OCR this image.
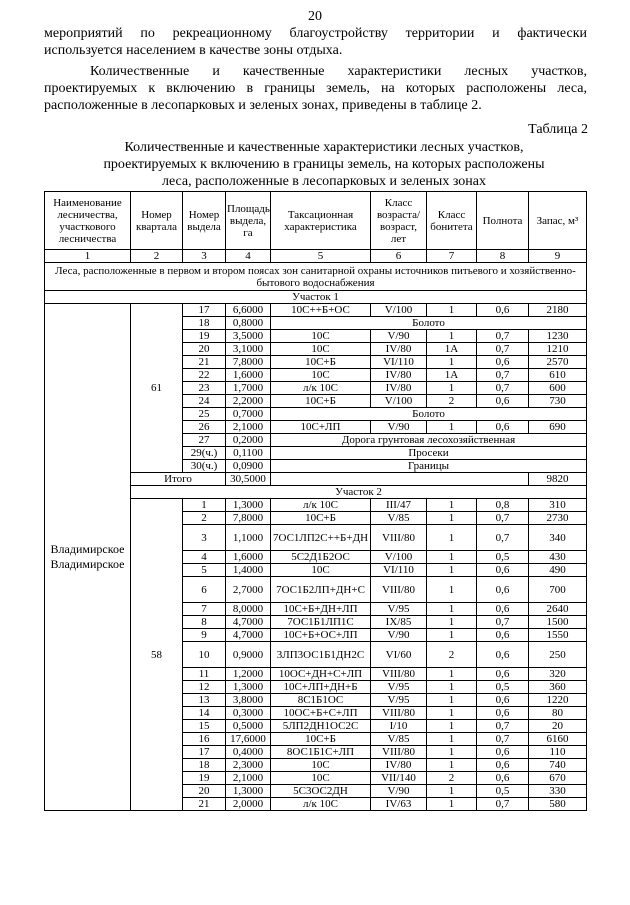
20
мероприятий по рекреационному благоустройству территории и фактически
используется населением в качестве зоны отдыха.
Количественные и качественные характеристики лесных участков,
проектируемых к включению в границы земель, на которых расположены леса,
расположенные в лесопарковых и зеленых зонах, приведены в таблице 2.
Таблица 2
Количественные и качественные характеристики лесных участков,
проектируемых к включению в границы земель, на которых расположены
леса, расположенные в лесопарковых и зеленых зонах
Наименование лесничества, участкового лесничества	Номер квартала	Номер выдела	Площадь выдела, га	Таксационная характеристика	Класс возраста/ возраст, лет	Класс бонитета	Полнота	Запас, м³
1	2	3	4	5	6	7	8	9
Леса, расположенные в первом и втором поясах зон санитарной охраны источников питьевого и хозяйственно-бытового водоснабжения								
Участок 1								
Владимирское
Владимирское	61	17	6,6000	10С++Б+ОС	V/100	1	0,6	2180
		18	0,8000	Болото				
		19	3,5000	10С	V/90	1	0,7	1230
		20	3,1000	10С	IV/80	1А	0,7	1210
		21	7,8000	10С+Б	VI/110	1	0,6	2570
		22	1,6000	10С	IV/80	1А	0,7	610
		23	1,7000	л/к 10С	IV/80	1	0,7	600
		24	2,2000	10С+Б	V/100	2	0,6	730
		25	0,7000	Болото				
		26	2,1000	10С+ЛП	V/90	1	0,6	690
		27	0,2000	Дорога грунтовая лесохозяйственная				
		29(ч.)	0,1100	Просеки				
		30(ч.)	0,0900	Границы				
	Итого		30,5000					9820
	Участок 2							
	58	1	1,3000	л/к 10С	III/47	1	0,8	310
		2	7,8000	10С+Б	V/85	1	0,7	2730
		3	1,1000	7ОС1ЛП2С++Б+ДН	VIII/80	1	0,7	340
		4	1,6000	5С2Д1Б2ОС	V/100	1	0,5	430
		5	1,4000	10С	VI/110	1	0,6	490
		6	2,7000	7ОС1Б2ЛП+ДН+С	VIII/80	1	0,6	700
		7	8,0000	10С+Б+ДН+ЛП	V/95	1	0,6	2640
		8	4,7000	7ОС1Б1ЛП1С	IX/85	1	0,7	1500
		9	4,7000	10С+Б+ОС+ЛП	V/90	1	0,6	1550
		10	0,9000	3ЛП3ОС1Б1ДН2С	VI/60	2	0,6	250
		11	1,2000	10ОС+ДН+С+ЛП	VIII/80	1	0,6	320
		12	1,3000	10С+ЛП+ДН+Б	V/95	1	0,5	360
		13	3,8000	8С1Б1ОС	V/95	1	0,6	1220
		14	0,3000	10ОС+Б+С+ЛП	VIII/80	1	0,6	80
		15	0,5000	5ЛП2ДН1ОС2С	I/10	1	0,7	20
		16	17,6000	10С+Б	V/85	1	0,7	6160
		17	0,4000	8ОС1Б1С+ЛП	VIII/80	1	0,6	110
		18	2,3000	10С	IV/80	1	0,6	740
		19	2,1000	10С	VII/140	2	0,6	670
		20	1,3000	5С3ОС2ДН	V/90	1	0,5	330
		21	2,0000	л/к 10С	IV/63	1	0,7	580
